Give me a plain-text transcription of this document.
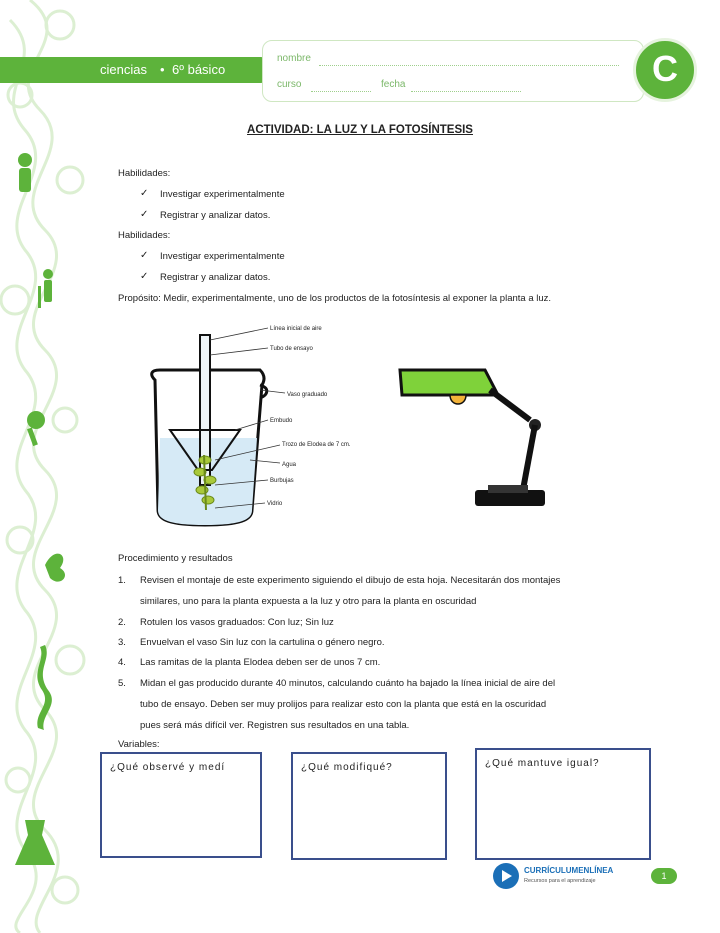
ciencias • 6º básico
nombre
curso	fecha	C
ACTIVIDAD: LA LUZ Y LA FOTOSÍNTESIS
Habilidades:
✓ Investigar experimentalmente
✓ Registrar y analizar datos.
Habilidades:
✓ Investigar experimentalmente
✓ Registrar y analizar datos.
Propósito: Medir, experimentalmente, uno de los productos de la fotosíntesis al exponer la planta a luz.
Línea inicial de aire
Tubo de ensayo
Vaso graduado
Embudo
Trozo de Elodea de 7 cm.
Agua
Burbujas
Vidrio
Procedimiento y resultados
1. Revisen el montaje de este experimento siguiendo el dibujo de esta hoja. Necesitarán dos montajes
similares, uno para la planta expuesta a la luz y otro para la planta en oscuridad
2. Rotulen los vasos graduados: Con luz; Sin luz
3. Envuelvan el vaso Sin luz con la cartulina o género negro.
4. Las ramitas de la planta Elodea deben ser de unos 7 cm.
5. Midan el gas producido durante 40 minutos, calculando cuánto ha bajado la línea inicial de aire del
tubo de ensayo. Deben ser muy prolijos para realizar esto con la planta que está en la oscuridad
pues será más difícil ver. Registren sus resultados en una tabla.
Variables:
¿Qué observé y medí	¿Qué modifiqué?	¿Qué mantuve igual?
CURRÍCULUMENLÍNEA
Recursos para el aprendizaje	1
